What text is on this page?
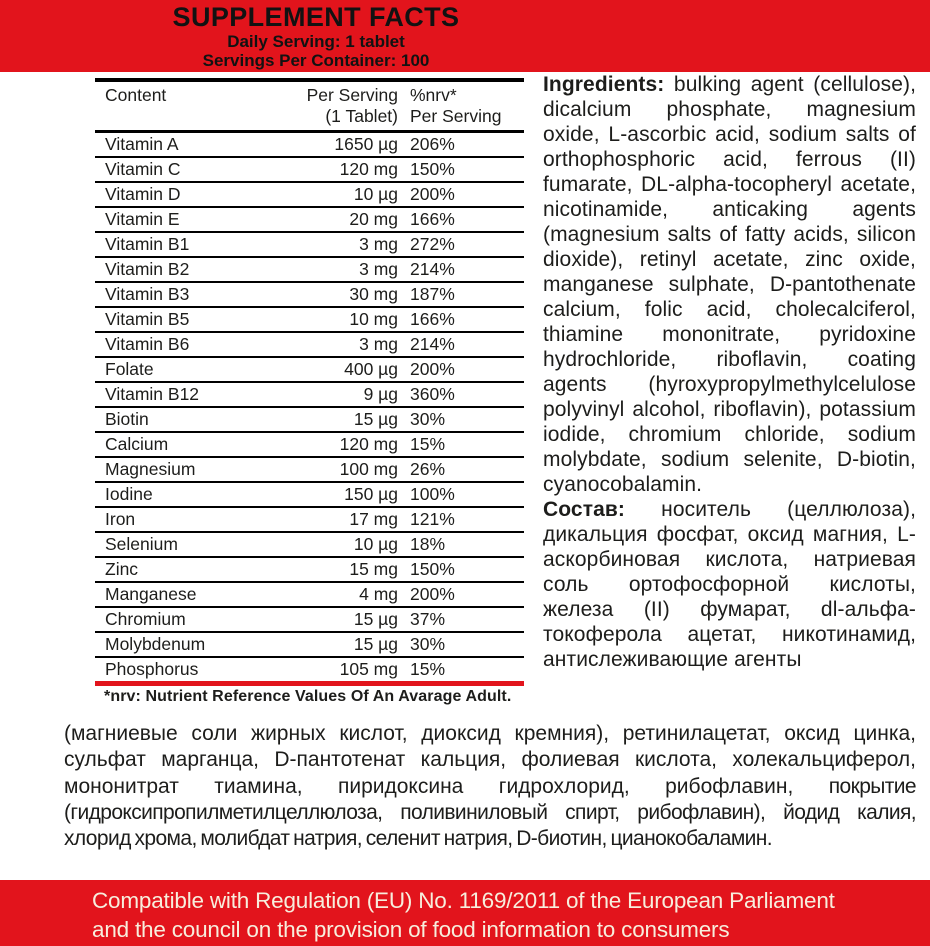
SUPPLEMENT FACTS
Daily Serving: 1 tablet
Servings Per Container: 100
Content	Per Serving %nrv*
(1 Tablet) Per Serving
Vitamin A	1650 µg 206%
Vitamin C	120 mg 150%
Vitamin D	10 µg 200%
Vitamin E	20 mg 166%
Vitamin B1	3 mg 272%
Vitamin B2	3 mg 214%
Vitamin B3	30 mg 187%
Vitamin B5	10 mg 166%
Vitamin B6	3 mg 214%
Folate	400 µg 200%
Vitamin B12	9 µg 360%
Biotin	15 µg 30%
Calcium	120 mg 15%
Magnesium	100 mg 26%
Iodine	150 µg 100%
Iron	17 mg 121%
Selenium	10 µg 18%
Zinc	15 mg 150%
Manganese	4 mg 200%
Chromium	15 µg 37%
Molybdenum	15 µg 30%
Phosphorus	105 mg 15%
*nrv: Nutrient Reference Values Of An Avarage Adult.

Ingredients: bulking agent (cellulose), dicalcium phosphate, magnesium oxide, L-ascorbic acid, sodium salts of orthophosphoric acid, ferrous (II) fumarate, DL-alpha-tocopheryl acetate, nicotinamide, anticaking agents (magnesium salts of fatty acids, silicon dioxide), retinyl acetate, zinc oxide, manganese sulphate, D-pantothenate calcium, folic acid, cholecalciferol, thiamine mononitrate, pyridoxine hydrochloride, riboflavin, coating agents (hyroxypropylmethylcelulose polyvinyl alcohol, riboflavin), potassium iodide, chromium chloride, sodium molybdate, sodium selenite, D-biotin, cyanocobalamin.

Состав: носитель (целлюлоза), дикальция фосфат, оксид магния, L-аскорбиновая кислота, натриевая соль ортофосфорной кислоты, железа (II) фумарат, dl-альфа-токоферола ацетат, никотинамид, антислеживающие агенты

(магниевые соли жирных кислот, диоксид кремния), ретинилацетат, оксид цинка, сульфат марганца, D-пантотенат кальция, фолиевая кислота, холекальциферол, мононитрат тиамина, пиридоксина гидрохлорид, рибофлавин, покрытие (гидроксипропилметилцеллюлоза, поливиниловый спирт, рибофлавин), йодид калия, хлорид хрома, молибдат натрия, селенит натрия, D-биотин, цианокобаламин.
Compatible with Regulation (EU) No. 1169/2011 of the European Parliament
and the council on the provision of food information to consumers
